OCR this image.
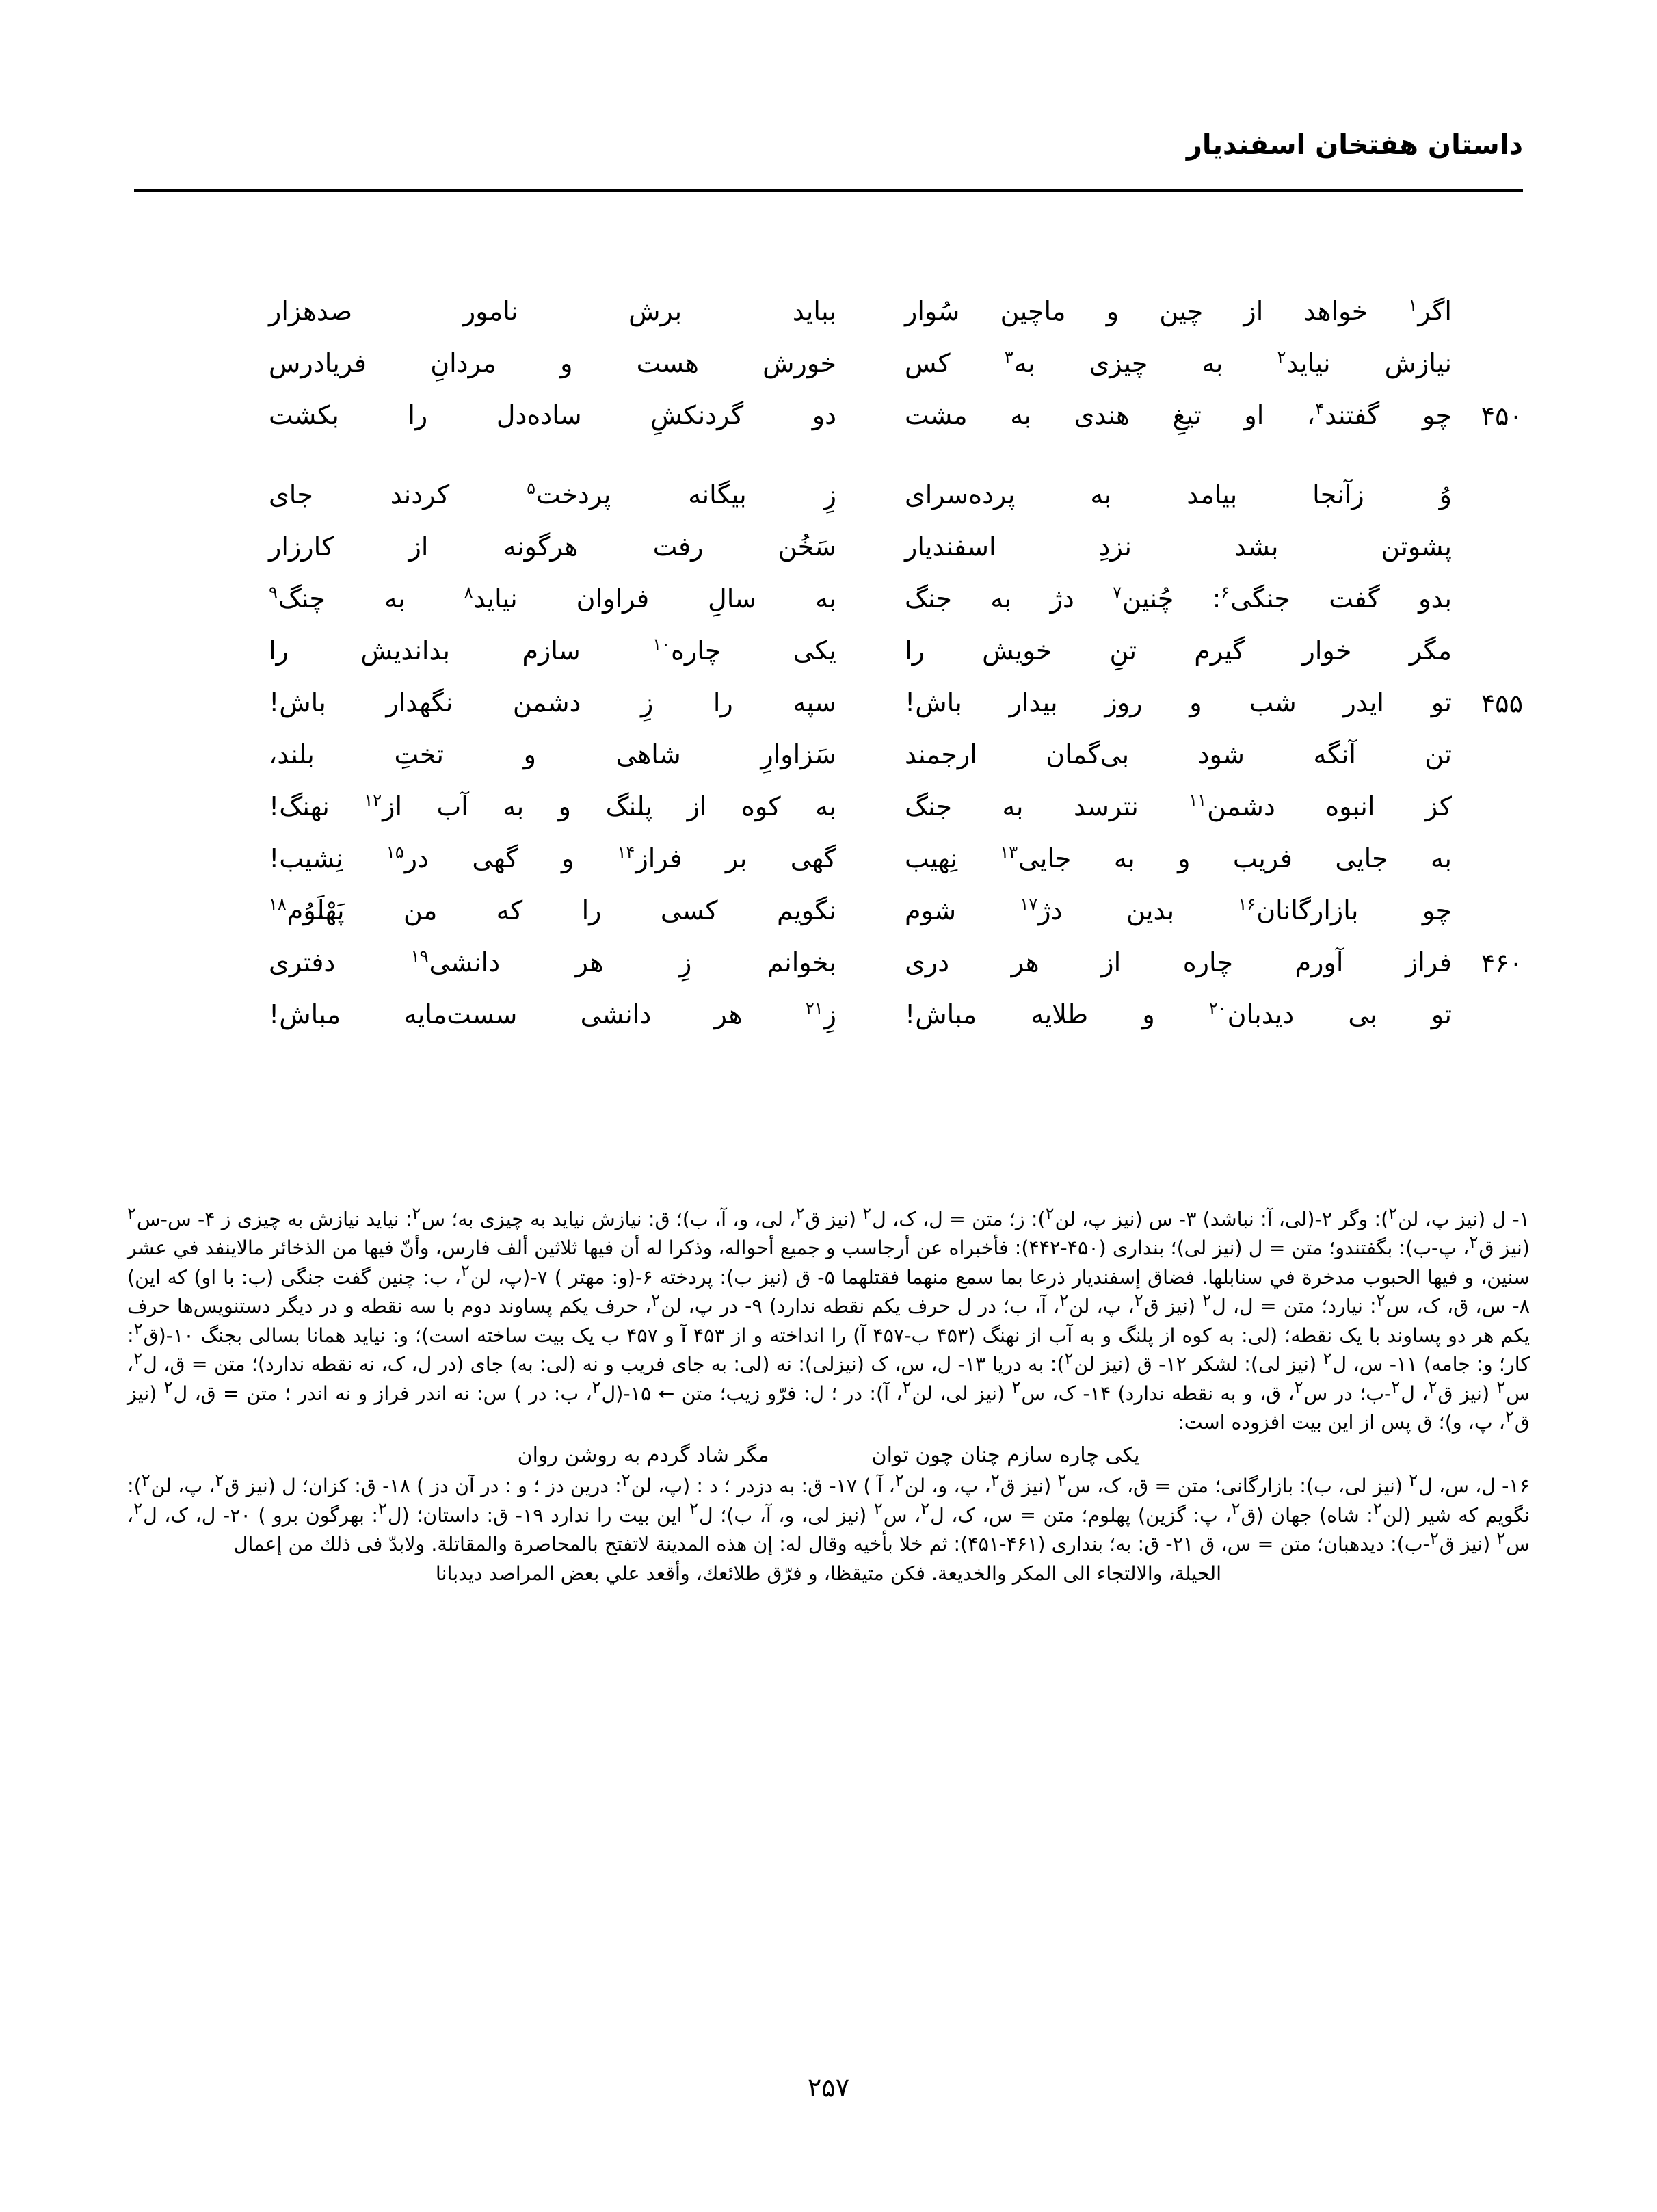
داستان هفتخان اسفندیار
اگر$^۱$
خواهد
از
چین
و
ماچین
سُوار
بباید
برش
نامور
صدهزار
نیازش
نیاید$^۲$
به
چیزی
به$^۳$
کس
خورش
هست
و
مردانِ
فریادرس
۴۵۰
چو
گفتند$^۴$،
او
تیغِ
هندی
به
مشت
دو
گردنکشِ
ساده‌دل
را
بکشت
وُ
زآنجا
بیامد
به
پرده‌سرای
زِ
بیگانه
پردخت$^۵$
کردند
جای
پشوتن
بشد
نزدِ
اسفندیار
سَخُن
رفت
هرگونه
از
کارزار
بدو
گفت
جنگی$^۶$:
چُنین$^۷$
دژ
به
جنگ
به
سالِ
فراوان
نیاید$^۸$
به
چنگ$^۹$
مگر
خوار
گیرم
تنِ
خویش
را
یکی
چاره$^{۱۰}$
سازم
بداندیش
را
۴۵۵
تو
ایدر
شب
و
روز
بیدار
باش!
سپه
را
زِ
دشمن
نگهدار
باش!
تن
آنگه
شود
بی‌گمان
ارجمند
سَزاوارِ
شاهی
و
تختِ
بلند،
کز
انبوه
دشمن$^{۱۱}$
نترسد
به
جنگ
به
کوه
از
پلنگ
و
به
آب
از$^{۱۲}$
نهنگ!
به
جایی
فریب
و
به
جایی$^{۱۳}$
نِهیب
گهی
بر
فراز$^{۱۴}$
و
گهی
در$^{۱۵}$
نِشیب!
چو
بازارگانان$^{۱۶}$
بدین
دژ$^{۱۷}$
شوم
نگویم
کسی
را
که
من
پَهْلَوُم$^{۱۸}$
۴۶۰
فراز
آورم
چاره
از
هر
دری
بخوانم
زِ
هر
دانشی$^{۱۹}$
دفتری
تو
بی
دیدبان$^{۲۰}$
و
طلایه
مباش!
زِ$^{۲۱}$
هر
دانشی
سست‌مایه
مباش!

۱- ل (نیز پ، لن$^۲$): وگر ۲-(لی، آ: نباشد) ۳- س (نیز پ، لن$^۲$): ز؛ متن = ل، ک، ل$^۲$ (نیز ق$^۲$، لی، و، آ، ب)؛ ق: نیازش نیاید به چیزی به؛ س$^۲$: نیاید نیازش به چیزی ز ۴- س-س$^۲$ (نیز ق$^۲$، پ-ب): بگفتندو؛ متن = ل (نیز لی)؛ بنداری (۴۵۰-۴۴۲): فأخبراه عن أرجاسب و جميع أحواله، وذكرا له أن فيها ثلاثين ألف فارس، وأنّ فيها من الذخائر مالاينفد في عشر سنين، و فيها الحبوب مدخرة في سنابلها. فضاق إسفنديار ذرعا بما سمع منهما فقتلهما ۵- ق (نیز ب): پردخته ۶-(و: مهتر ) ۷-(پ، لن$^۲$، ب: چنین گفت جنگی (ب: با او) که این) ۸- س، ق، ک، س$^۲$: نیارد؛ متن = ل، ل$^۲$ (نیز ق$^۲$، پ، لن$^۲$، آ، ب؛ در ل حرف یکم نقطه ندارد) ۹- در پ، لن$^۲$، حرف یکم پساوند دوم با سه نقطه و در دیگر دستنویس‌ها حرف یکم هر دو پساوند با یک نقطه؛ (لی: به کوه از پلنگ و به آب از نهنگ (۴۵۳ ب-۴۵۷ آ) را انداخته و از ۴۵۳ آ و ۴۵۷ ب یک بیت ساخته است)؛ و: نیاید همانا بسالی بجنگ ۱۰-(ق$^۲$: کار؛ و: جامه) ۱۱- س، ل$^۲$ (نیز لی): لشکر ۱۲- ق (نیز لن$^۲$): به دریا ۱۳- ل، س، ک (نیزلی): نه (لی: به جای فریب و نه (لی: به) جای (در ل، ک، نه نقطه ندارد)؛ متن = ق، ل$^۲$، س$^۲$ (نیز ق$^۲$، ل$^۲$-ب؛ در س$^۲$، ق، و به نقطه ندارد) ۱۴- ک، س$^۲$ (نیز لی، لن$^۲$، آ): در ؛ ل: فرّو زیب؛ متن ← ۱۵-(ل$^۲$، ب: در ) س: نه اندر فراز و نه اندر ؛ متن = ق، ل$^۲$ (نیز ق$^۲$، پ، و)؛ ق پس از این بیت افزوده است:

یکی چاره سازم چنان چون توان
مگر شاد گردم به روشن روان

۱۶- ل، س، ل$^۲$ (نیز لی، ب): بازارگانی؛ متن = ق، ک، س$^۲$ (نیز ق$^۲$، پ، و، لن$^۲$، آ ) ۱۷- ق: به دزدر ؛ د : (پ، لن$^۲$: درین دز ؛ و : در آن دز ) ۱۸- ق: کزان؛ ل (نیز ق$^۲$، پ، لن$^۲$): نگویم که شیر (لن$^۲$: شاه) جهان (ق$^۲$، پ: گزین) پهلوم؛ متن = س، ک، ل$^۲$، س$^۲$ (نیز لی، و، آ، ب)؛ ل$^۲$ این بیت را ندارد ۱۹- ق: داستان؛ (ل$^۲$: بهرگون برو ) ۲۰- ل، ک، ل$^۲$، س$^۲$ (نیز ق$^۲$-ب): دیدهبان؛ متن = س، ق ۲۱- ق: به؛ بنداری (۴۶۱-۴۵۱): ثم خلا بأخيه وقال له: إن هذه المدينة لاتفتح بالمحاصرة والمقاتلة. ولابدّ فى ذلك من إعمال

الحيلة، والالتجاء الى المكر والخديعة. فكن متيقظا، و فرّق طلائعك، وأقعد علي بعض المراصد ديدبانا

۲۵۷
